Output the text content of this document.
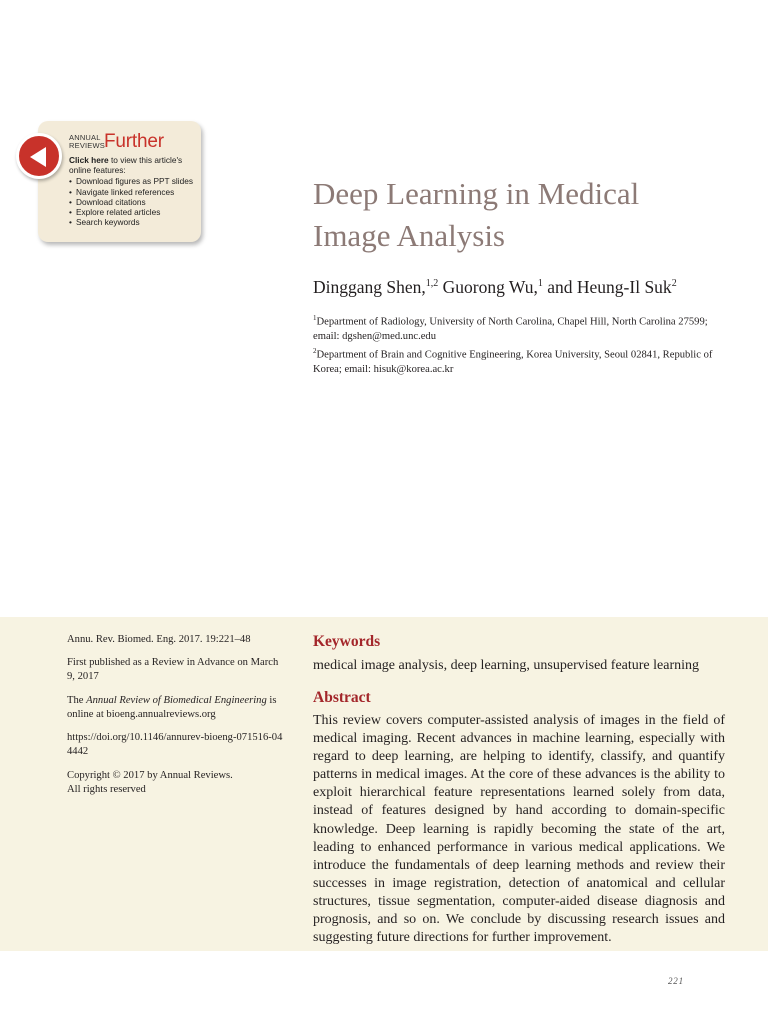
ANNUAL REVIEWS Further
Click here to view this article's online features:
• Download figures as PPT slides
• Navigate linked references
• Download citations
• Explore related articles
• Search keywords
Deep Learning in Medical
Image Analysis
Dinggang Shen,$^{1,2}$ Guorong Wu,$^1$ and Heung-Il Suk$^2$
$^1$Department of Radiology, University of North Carolina, Chapel Hill, North Carolina 27599; email: dgshen@med.unc.edu
$^2$Department of Brain and Cognitive Engineering, Korea University, Seoul 02841, Republic of Korea; email: hisuk@korea.ac.kr
Annu. Rev. Biomed. Eng. 2017. 19:221–48
First published as a Review in Advance on March 9, 2017
The Annual Review of Biomedical Engineering is online at bioeng.annualreviews.org
https://doi.org/10.1146/annurev-bioeng-071516-044442
Copyright © 2017 by Annual Reviews.
All rights reserved
Keywords
medical image analysis, deep learning, unsupervised feature learning
Abstract

This review covers computer-assisted analysis of images in the field of medical imaging. Recent advances in machine learning, especially with regard to deep learning, are helping to identify, classify, and quantify patterns in medical images. At the core of these advances is the ability to exploit hierarchical feature representations learned solely from data, instead of features designed by hand according to domain-specific knowledge. Deep learning is rapidly becoming the state of the art, leading to enhanced performance in various medical applications. We introduce the fundamentals of deep learning methods and review their successes in image registration, detection of anatomical and cellular structures, tissue segmentation, computer-aided disease diagnosis and prognosis, and so on. We conclude by discussing research issues and suggesting future directions for further improvement.

221
